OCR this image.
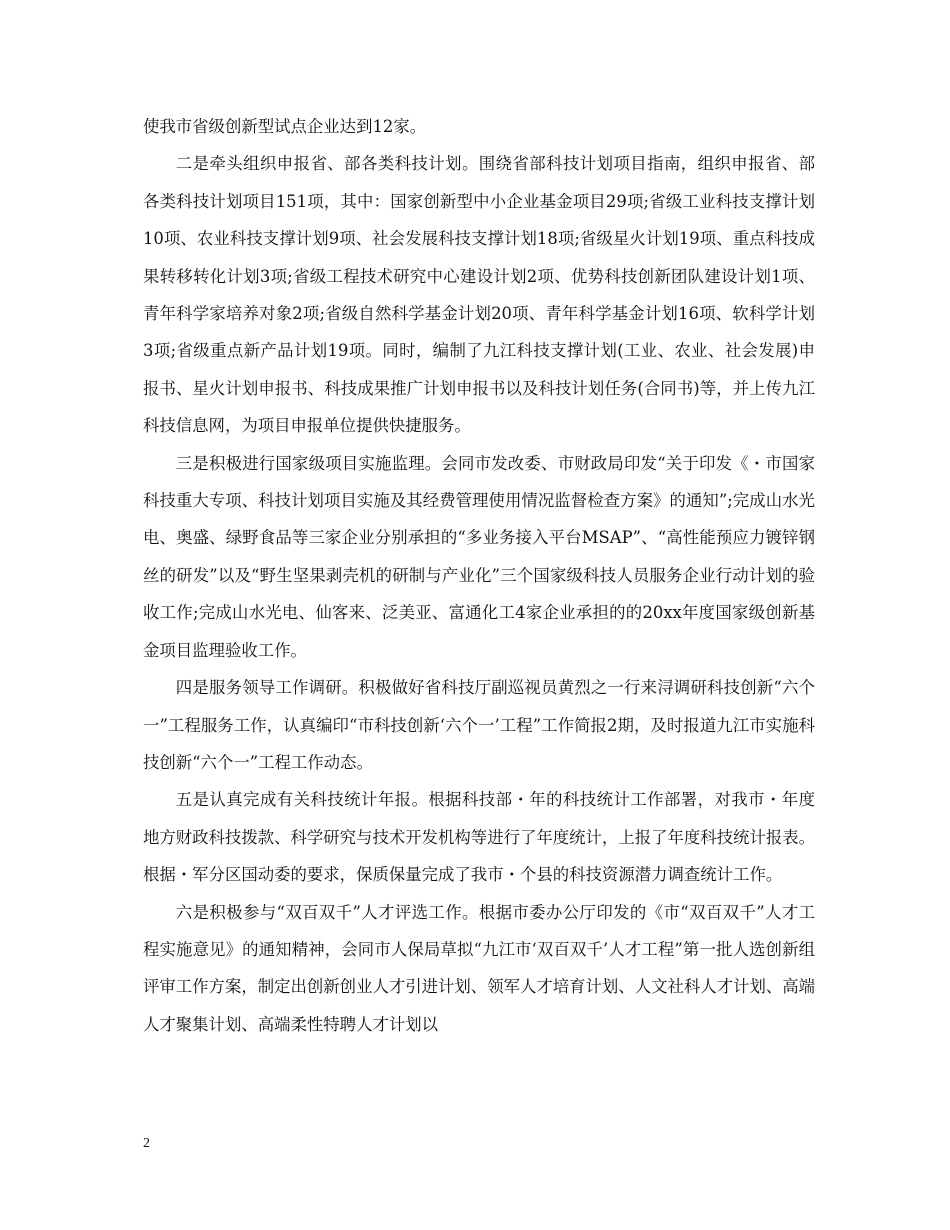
使我市省级创新型试点企业达到12家。

二是牵头组织申报省、部各类科技计划。围绕省部科技计划项目指南，组织申报省、部各类科技计划项目151项，其中：国家创新型中小企业基金项目29项;省级工业科技支撑计划10项、农业科技支撑计划9项、社会发展科技支撑计划18项;省级星火计划19项、重点科技成果转移转化计划3项;省级工程技术研究中心建设计划2项、优势科技创新团队建设计划1项、青年科学家培养对象2项;省级自然科学基金计划20项、青年科学基金计划16项、软科学计划3项;省级重点新产品计划19项。同时，编制了九江科技支撑计划(工业、农业、社会发展)申报书、星火计划申报书、科技成果推广计划申报书以及科技计划任务(合同书)等，并上传九江科技信息网，为项目申报单位提供快捷服务。

三是积极进行国家级项目实施监理。会同市发改委、市财政局印发“关于印发《・市国家科技重大专项、科技计划项目实施及其经费管理使用情况监督检查方案》的通知”;完成山水光电、奥盛、绿野食品等三家企业分别承担的“多业务接入平台MSAP”、“高性能预应力镀锌钢丝的研发”以及“野生坚果剥壳机的研制与产业化”三个国家级科技人员服务企业行动计划的验收工作;完成山水光电、仙客来、泛美亚、富通化工4家企业承担的的20xx年度国家级创新基金项目监理验收工作。

四是服务领导工作调研。积极做好省科技厅副巡视员黄烈之一行来浔调研科技创新“六个一”工程服务工作，认真编印“市科技创新‘六个一’工程”工作简报2期，及时报道九江市实施科技创新“六个一”工程工作动态。

五是认真完成有关科技统计年报。根据科技部・年的科技统计工作部署，对我市・年度地方财政科技拨款、科学研究与技术开发机构等进行了年度统计，上报了年度科技统计报表。根据・军分区国动委的要求，保质保量完成了我市・个县的科技资源潜力调查统计工作。

六是积极参与“双百双千”人才评选工作。根据市委办公厅印发的《市“双百双千”人才工程实施意见》的通知精神，会同市人保局草拟“九江市‘双百双千’人才工程”第一批人选创新组评审工作方案，制定出创新创业人才引进计划、领军人才培育计划、人文社科人才计划、高端人才聚集计划、高端柔性特聘人才计划以

2
